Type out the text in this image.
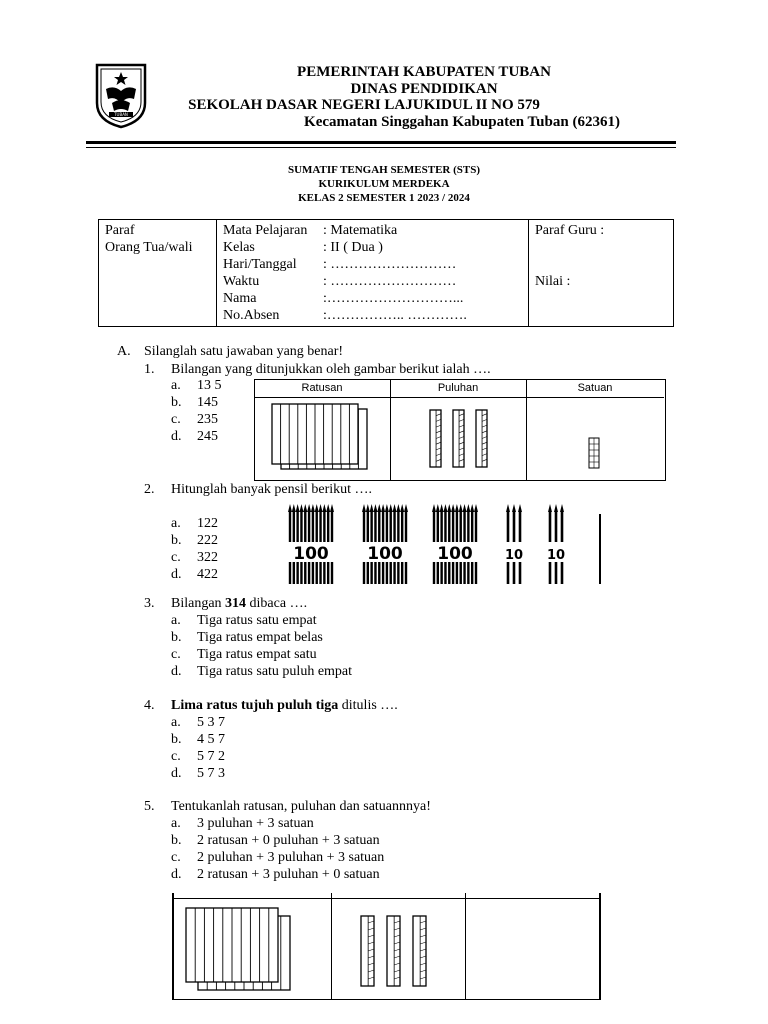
TUBAN
PEMERINTAH KABUPATEN TUBAN
DINAS PENDIDIKAN
SEKOLAH DASAR NEGERI LAJUKIDUL II NO 579
Kecamatan Singgahan Kabupaten Tuban (62361)
SUMATIF TENGAH SEMESTER (STS)
KURIKULUM MERDEKA
KELAS 2 SEMESTER 1 2023 / 2024
Paraf
Orang Tua/wali

Mata Pelajaran	: Matematika
Kelas	: II ( Dua )
Hari/Tanggal	: ………………………
Waktu	: ………………………
Nama	:………………………...
No.Absen	:…………….. ………….

Paraf Guru :
Nilai :
A. Silanglah satu jawaban yang benar!
1. Bilangan yang ditunjukkan oleh gambar berikut ialah ….
a. 13 5
b. 145
c. 235
d. 245
Ratusan	Puluhan	Satuan
2. Hitunglah banyak pensil berikut ….
a. 122
b. 222
c. 322
d. 422
100 100 100 10 10
3. Bilangan 314 dibaca ….
a. Tiga ratus satu empat
b. Tiga ratus empat belas
c. Tiga ratus empat satu
d. Tiga ratus satu puluh empat
4. Lima ratus tujuh puluh tiga ditulis ….
a. 5 3 7
b. 4 5 7
c. 5 7 2
d. 5 7 3
5. Tentukanlah ratusan, puluhan dan satuannnya!
a. 3 puluhan + 3 satuan
b. 2 ratusan + 0 puluhan + 3 satuan
c. 2 puluhan + 3 puluhan + 3 satuan
d. 2 ratusan + 3 puluhan + 0 satuan
